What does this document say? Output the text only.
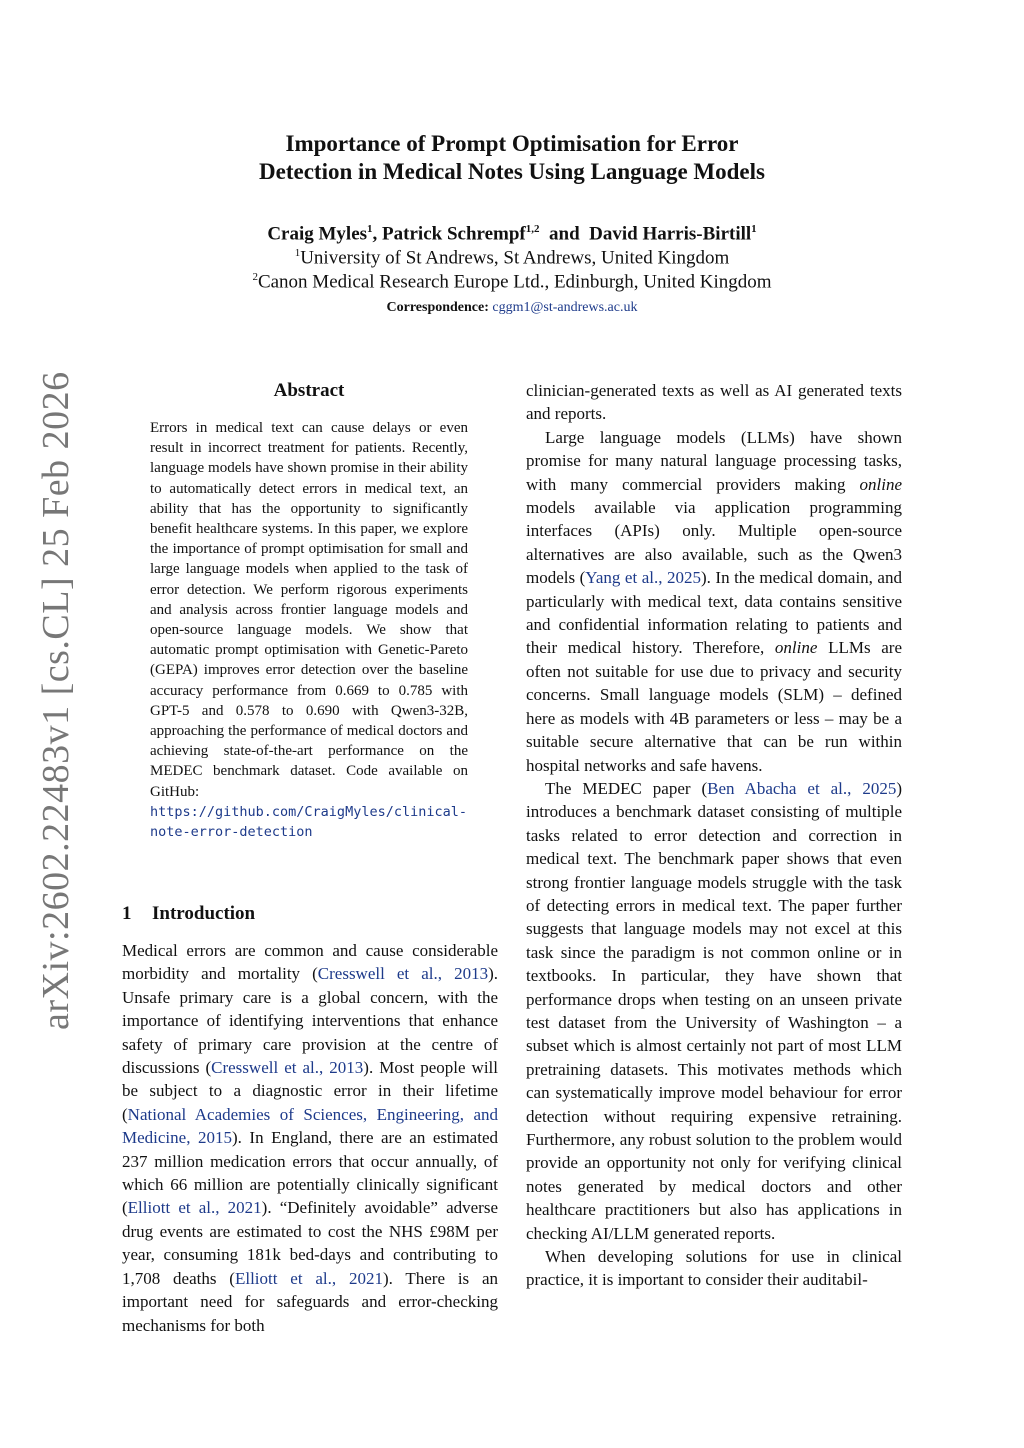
arXiv:2602.22483v1 [cs.CL] 25 Feb 2026
Importance of Prompt Optimisation for Error
Detection in Medical Notes Using Language Models
Craig Myles$^1$, Patrick Schrempf$^{1,2}$ and David Harris-Birtill$^1$
$^1$University of St Andrews, St Andrews, United Kingdom
$^2$Canon Medical Research Europe Ltd., Edinburgh, United Kingdom
Correspondence: cggm1@st-andrews.ac.uk
Abstract
Errors in medical text can cause delays or even result in incorrect treatment for patients. Recently, language models have shown promise in their ability to automatically detect errors in medical text, an ability that has the opportunity to significantly benefit healthcare systems. In this paper, we explore the importance of prompt optimisation for small and large language models when applied to the task of error detection. We perform rigorous experiments and analysis across frontier language models and open-source language models. We show that automatic prompt optimisation with Genetic-Pareto (GEPA) improves error detection over the baseline accuracy performance from 0.669 to 0.785 with GPT-5 and 0.578 to 0.690 with Qwen3-32B, approaching the performance of medical doctors and achieving state-of-the-art performance on the MEDEC benchmark dataset. Code available on GitHub: https://github.com/CraigMyles/clinical-note-error-detection
1 Introduction

Medical errors are common and cause considerable morbidity and mortality (Cresswell et al., 2013). Unsafe primary care is a global concern, with the importance of identifying interventions that enhance safety of primary care provision at the centre of discussions (Cresswell et al., 2013). Most people will be subject to a diagnostic error in their lifetime (National Academies of Sciences, Engineering, and Medicine, 2015). In England, there are an estimated 237 million medication errors that occur annually, of which 66 million are potentially clinically significant (Elliott et al., 2021). “Definitely avoidable” adverse drug events are estimated to cost the NHS £98M per year, consuming 181k bed-days and contributing to 1,708 deaths (Elliott et al., 2021). There is an important need for safeguards and error-checking mechanisms for both

clinician-generated texts as well as AI generated texts and reports.

Large language models (LLMs) have shown promise for many natural language processing tasks, with many commercial providers making online models available via application programming interfaces (APIs) only. Multiple open-source alternatives are also available, such as the Qwen3 models (Yang et al., 2025). In the medical domain, and particularly with medical text, data contains sensitive and confidential information relating to patients and their medical history. Therefore, online LLMs are often not suitable for use due to privacy and security concerns. Small language models (SLM) – defined here as models with 4B parameters or less – may be a suitable secure alternative that can be run within hospital networks and safe havens.

The MEDEC paper (Ben Abacha et al., 2025) introduces a benchmark dataset consisting of multiple tasks related to error detection and correction in medical text. The benchmark paper shows that even strong frontier language models struggle with the task of detecting errors in medical text. The paper further suggests that language models may not excel at this task since the paradigm is not common online or in textbooks. In particular, they have shown that performance drops when testing on an unseen private test dataset from the University of Washington – a subset which is almost certainly not part of most LLM pretraining datasets. This motivates methods which can systematically improve model behaviour for error detection without requiring expensive retraining. Furthermore, any robust solution to the problem would provide an opportunity not only for verifying clinical notes generated by medical doctors and other healthcare practitioners but also has applications in checking AI/LLM generated reports.

When developing solutions for use in clinical practice, it is important to consider their auditabil-
